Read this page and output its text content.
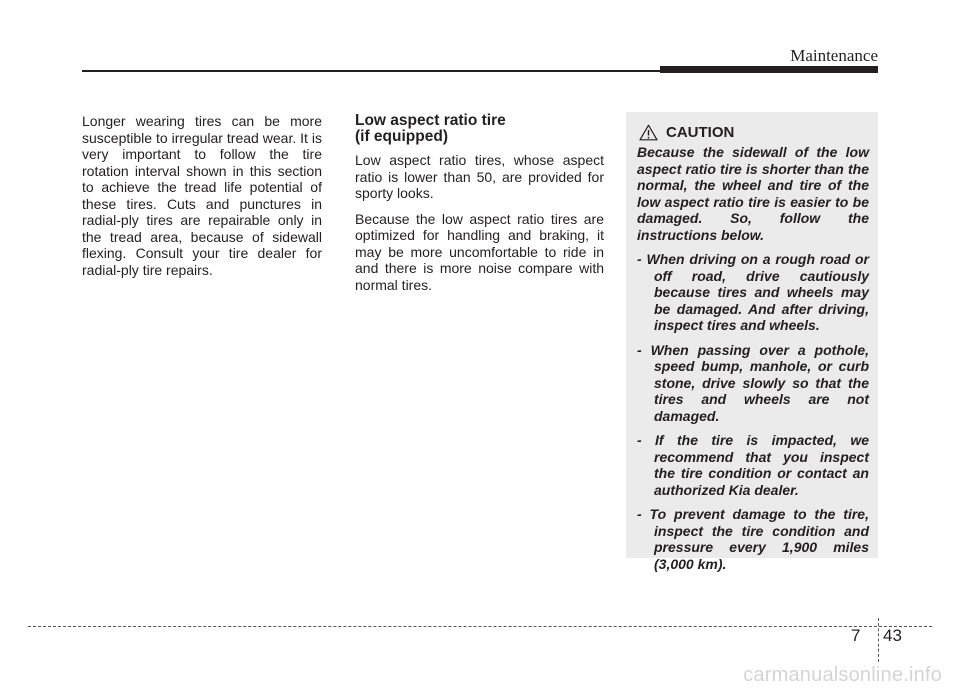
Maintenance

Longer wearing tires can be more susceptible to irregular tread wear. It is very important to follow the tire rotation interval shown in this section to achieve the tread life potential of these tires. Cuts and punctures in radial-ply tires are repairable only in the tread area, because of sidewall flexing. Consult your tire dealer for radial-ply tire repairs.

Low aspect ratio tire
(if equipped)

Low aspect ratio tires, whose aspect ratio is lower than 50, are provided for sporty looks.

Because the low aspect ratio tires are optimized for handling and braking, it may be more uncomfortable to ride in and there is more noise compare with normal tires.

CAUTION

Because the sidewall of the low aspect ratio tire is shorter than the normal, the wheel and tire of the low aspect ratio tire is easier to be damaged. So, follow the instructions below.

- When driving on a rough road or off road, drive cautiously because tires and wheels may be damaged. And after driving, inspect tires and wheels.
- When passing over a pothole, speed bump, manhole, or curb stone, drive slowly so that the tires and wheels are not damaged.
- If the tire is impacted, we recommend that you inspect the tire condition or contact an authorized Kia dealer.
- To prevent damage to the tire, inspect the tire condition and pressure every 1,900 miles (3,000 km).
7 43
carmanualsonline.info
